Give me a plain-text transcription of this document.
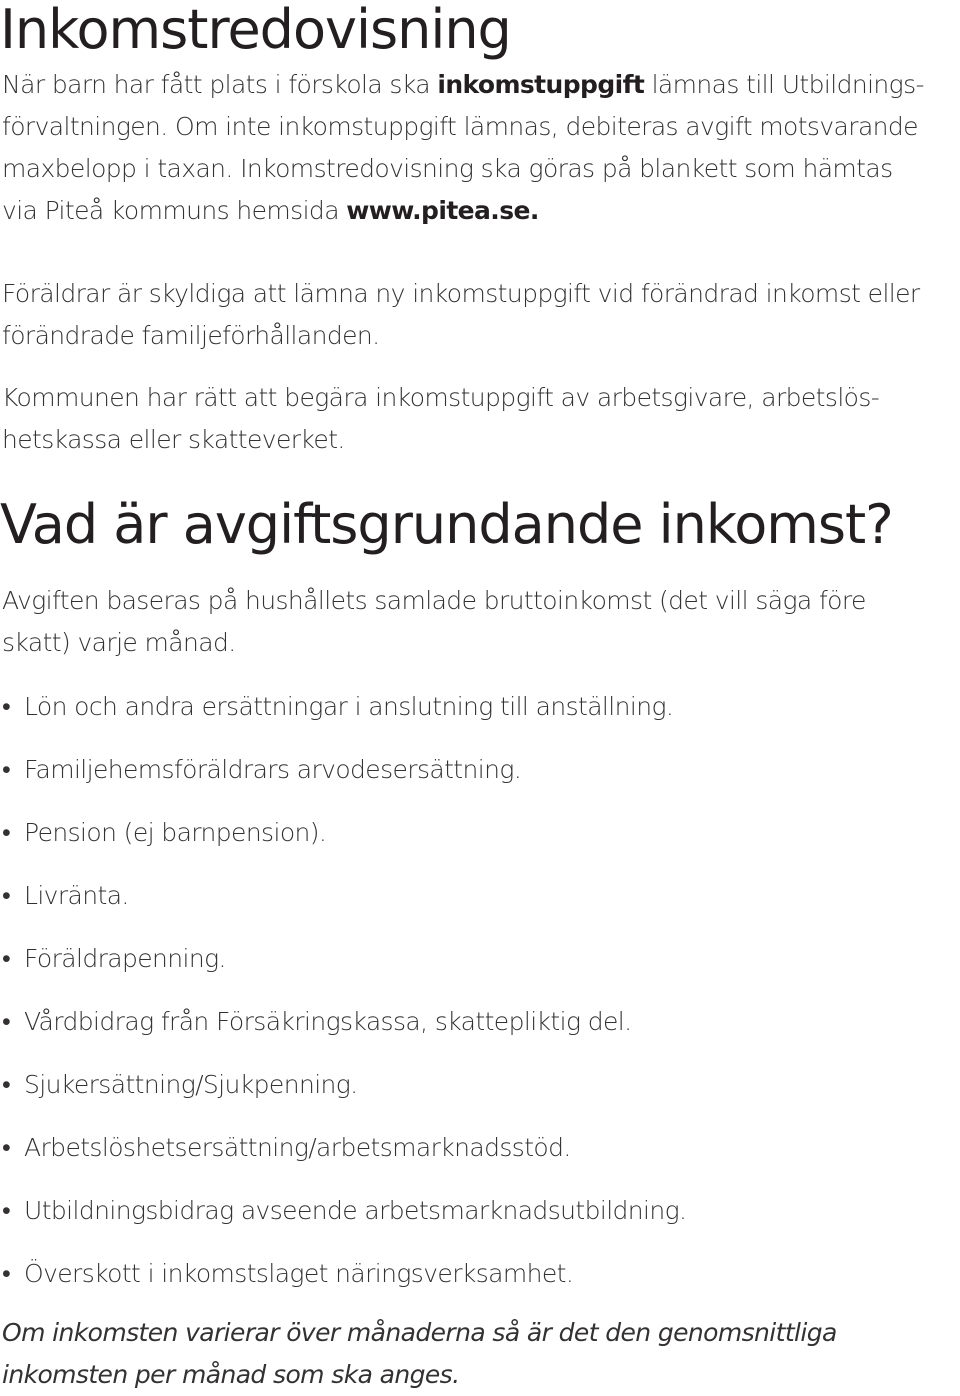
Inkomstredovisning

När barn har fått plats i förskola ska inkomstuppgift lämnas till Utbildnings-
förvaltningen. Om inte inkomstuppgift lämnas, debiteras avgift motsvarande
maxbelopp i taxan. Inkomstredovisning ska göras på blankett som hämtas
via Piteå kommuns hemsida www.pitea.se.

Föräldrar är skyldiga att lämna ny inkomstuppgift vid förändrad inkomst eller
förändrade familjeförhållanden.

Kommunen har rätt att begära inkomstuppgift av arbetsgivare, arbetslös-
hetskassa eller skatteverket.

Vad är avgiftsgrundande inkomst?

Avgiften baseras på hushållets samlade bruttoinkomst (det vill säga före
skatt) varje månad.

• Lön och andra ersättningar i anslutning till anställning.
• Familjehemsföräldrars arvodesersättning.
• Pension (ej barnpension).
• Livränta.
• Föräldrapenning.
• Vårdbidrag från Försäkringskassa, skattepliktig del.
• Sjukersättning/Sjukpenning.
• Arbetslöshetsersättning/arbetsmarknadsstöd.
• Utbildningsbidrag avseende arbetsmarknadsutbildning.
• Överskott i inkomstslaget näringsverksamhet.

Om inkomsten varierar över månaderna så är det den genomsnittliga
inkomsten per månad som ska anges.
